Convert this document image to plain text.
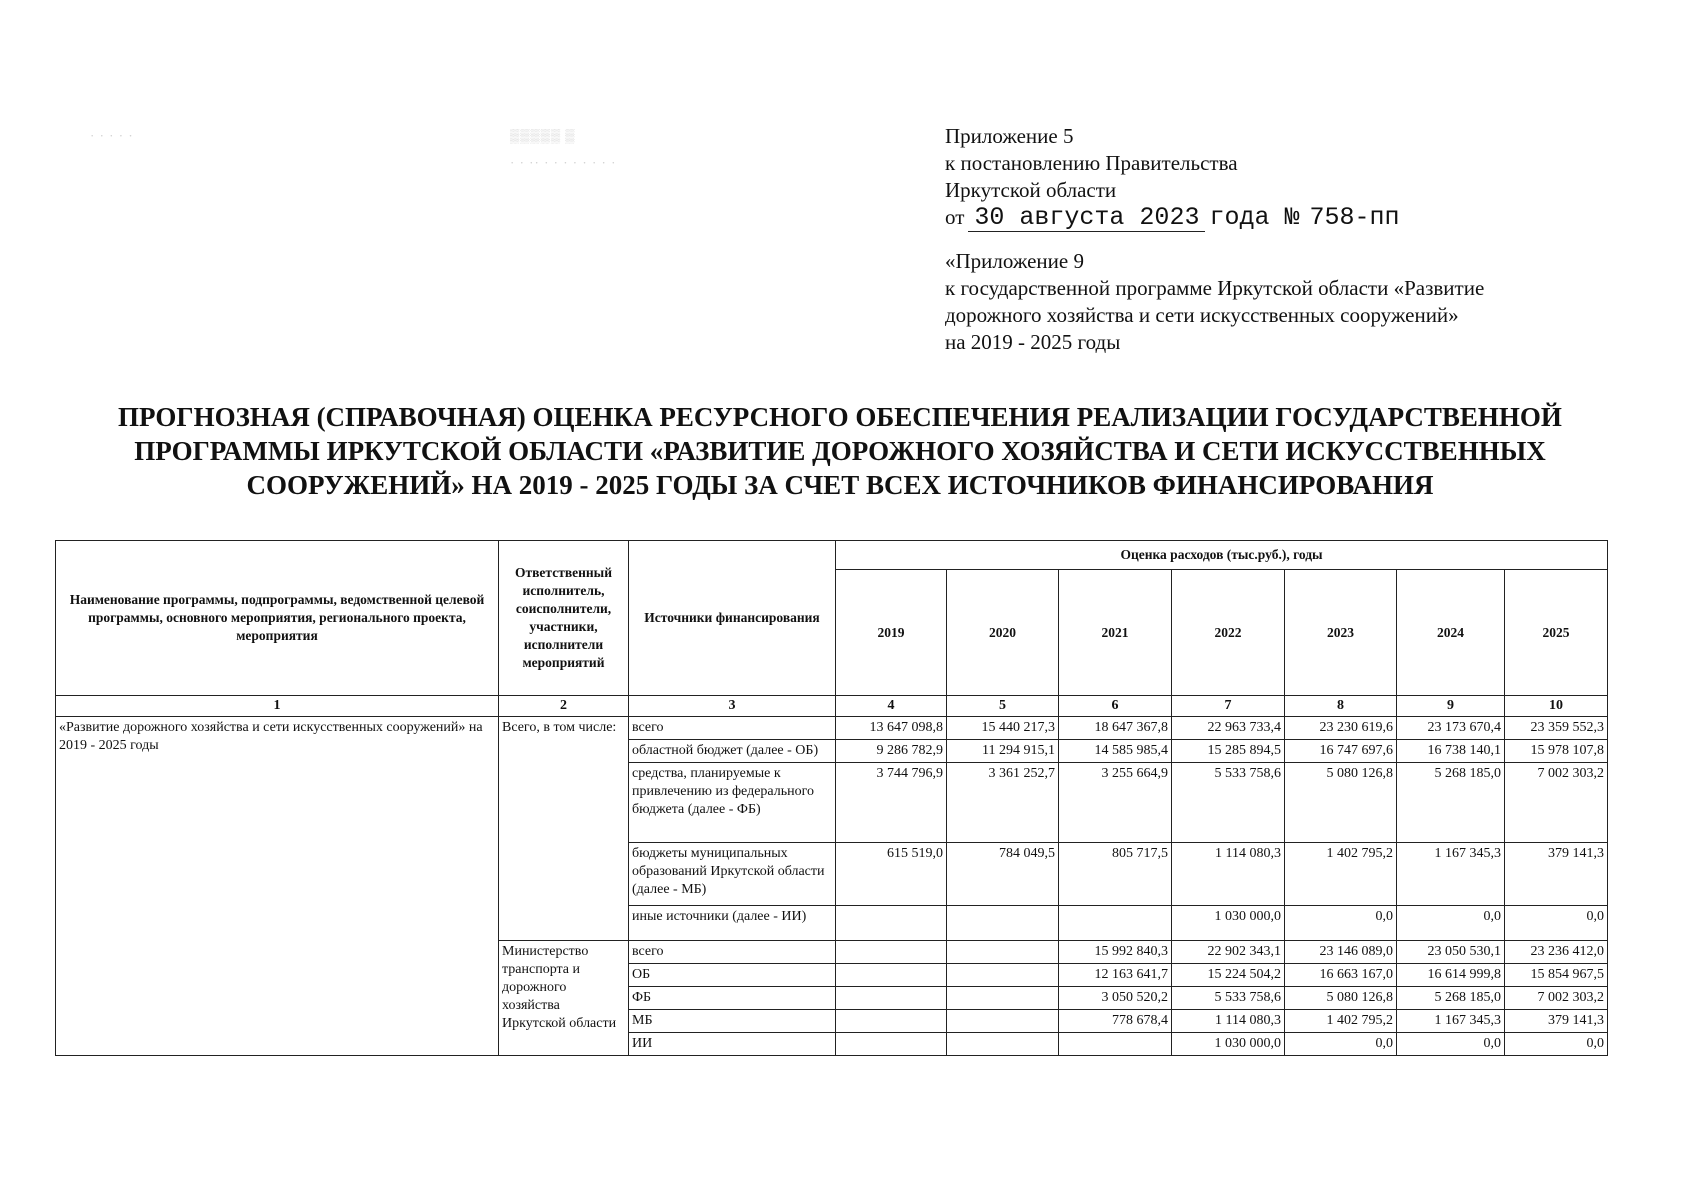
▒▒▒▒▒ ▒
· · ·· · · · · · · · ·
· · · · ·	Приложение 5
к постановлению Правительства
Иркутской области
от 30 августа 2023 года № 758-пп
«Приложение 9
к государственной программе Иркутской области «Развитие
дорожного хозяйства и сети искусственных сооружений»
на 2019 - 2025 годы
ПРОГНОЗНАЯ (СПРАВОЧНАЯ) ОЦЕНКА РЕСУРСНОГО ОБЕСПЕЧЕНИЯ РЕАЛИЗАЦИИ ГОСУДАРСТВЕННОЙ
ПРОГРАММЫ ИРКУТСКОЙ ОБЛАСТИ «РАЗВИТИЕ ДОРОЖНОГО ХОЗЯЙСТВА И СЕТИ ИСКУССТВЕННЫХ
СООРУЖЕНИЙ» НА 2019 - 2025 ГОДЫ ЗА СЧЕТ ВСЕХ ИСТОЧНИКОВ ФИНАНСИРОВАНИЯ
Наименование программы, подпрограммы, ведомственной целевой программы, основного мероприятия, регионального проекта, мероприятия	Ответственный исполнитель, соисполнители, участники, исполнители мероприятий	Источники финансирования	Оценка расходов (тыс.руб.), годы						
			2019	2020	2021	2022	2023	2024	2025
1	2	3	4	5	6	7	8	9	10
«Развитие дорожного хозяйства и сети искусственных сооружений» на 2019 - 2025 годы	Всего, в том числе:	всего	13 647 098,8	15 440 217,3	18 647 367,8	22 963 733,4	23 230 619,6	23 173 670,4	23 359 552,3
		областной бюджет (далее - ОБ)	9 286 782,9	11 294 915,1	14 585 985,4	15 285 894,5	16 747 697,6	16 738 140,1	15 978 107,8
		средства, планируемые к привлечению из федерального бюджета (далее - ФБ)	3 744 796,9	3 361 252,7	3 255 664,9	5 533 758,6	5 080 126,8	5 268 185,0	7 002 303,2
		бюджеты муниципальных образований Иркутской области (далее - МБ)	615 519,0	784 049,5	805 717,5	1 114 080,3	1 402 795,2	1 167 345,3	379 141,3
		иные источники (далее - ИИ)				1 030 000,0	0,0	0,0	0,0
	Министерство транспорта и дорожного хозяйства Иркутской области	всего			15 992 840,3	22 902 343,1	23 146 089,0	23 050 530,1	23 236 412,0
		ОБ			12 163 641,7	15 224 504,2	16 663 167,0	16 614 999,8	15 854 967,5
		ФБ			3 050 520,2	5 533 758,6	5 080 126,8	5 268 185,0	7 002 303,2
		МБ			778 678,4	1 114 080,3	1 402 795,2	1 167 345,3	379 141,3
		ИИ				1 030 000,0	0,0	0,0	0,0
